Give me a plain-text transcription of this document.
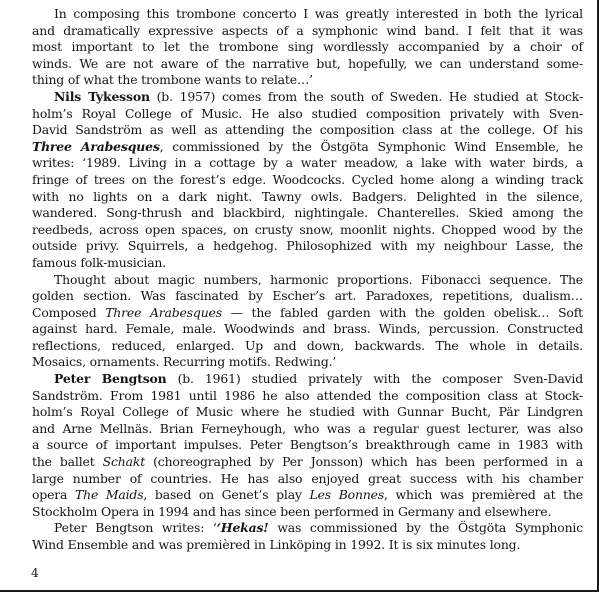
In composing this trombone concerto I was greatly interested in both the lyrical
and dramatically expressive aspects of a symphonic wind band. I felt that it was
most important to let the trombone sing wordlessly accompanied by a choir of
winds. We are not aware of the narrative but, hopefully, we can understand some-
thing of what the trombone wants to relate…’
Nils Tykesson (b. 1957) comes from the south of Sweden. He studied at Stock-
holm’s Royal College of Music. He also studied composition privately with Sven-
David Sandström as well as attending the composition class at the college. Of his
Three Arabesques, commissioned by the Östgöta Symphonic Wind Ensemble, he
writes: ‘1989. Living in a cottage by a water meadow, a lake with water birds, a
fringe of trees on the forest’s edge. Woodcocks. Cycled home along a winding track
with no lights on a dark night. Tawny owls. Badgers. Delighted in the silence,
wandered. Song-thrush and blackbird, nightingale. Chanterelles. Skied among the
reedbeds, across open spaces, on crusty snow, moonlit nights. Chopped wood by the
outside privy. Squirrels, a hedgehog. Philosophized with my neighbour Lasse, the
famous folk-musician.
Thought about magic numbers, harmonic proportions. Fibonacci sequence. The
golden section. Was fascinated by Escher’s art. Paradoxes, repetitions, dualism…
Composed Three Arabesques — the fabled garden with the golden obelisk… Soft
against hard. Female, male. Woodwinds and brass. Winds, percussion. Constructed
reflections, reduced, enlarged. Up and down, backwards. The whole in details.
Mosaics, ornaments. Recurring motifs. Redwing.’
Peter Bengtson (b. 1961) studied privately with the composer Sven-David
Sandström. From 1981 until 1986 he also attended the composition class at Stock-
holm’s Royal College of Music where he studied with Gunnar Bucht, Pär Lindgren
and Arne Mellnäs. Brian Ferneyhough, who was a regular guest lecturer, was also
a source of important impulses. Peter Bengtson’s breakthrough came in 1983 with
the ballet Schakt (choreographed by Per Jonsson) which has been performed in a
large number of countries. He has also enjoyed great success with his chamber
opera The Maids, based on Genet’s play Les Bonnes, which was premièred at the
Stockholm Opera in 1994 and has since been performed in Germany and elsewhere.
Peter Bengtson writes: ‘‘Hekas! was commissioned by the Östgöta Symphonic
Wind Ensemble and was premièred in Linköping in 1992. It is six minutes long.
4
